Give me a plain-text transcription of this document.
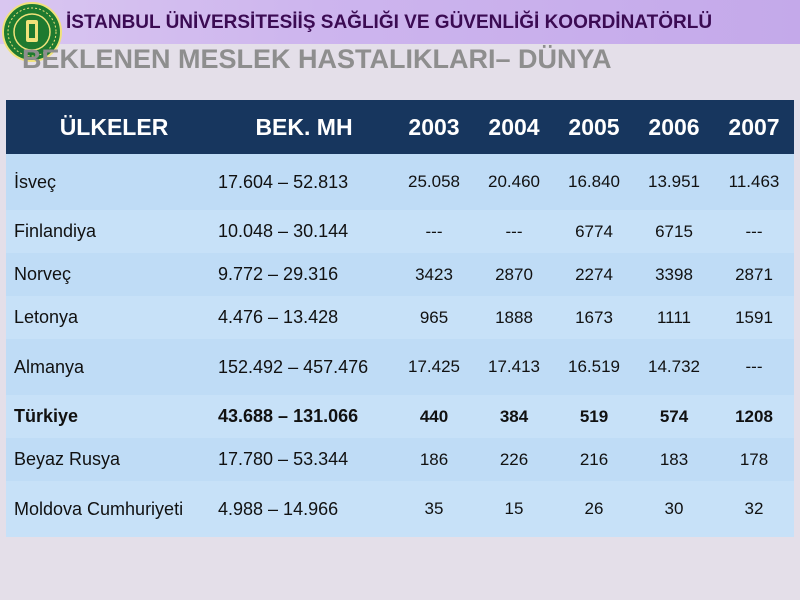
İSTANBUL ÜNİVERSİTESİİŞ SAĞLIĞI VE GÜVENLİĞİ KOORDİNATÖRLÜ
BEKLENEN MESLEK HASTALIKLARI– DÜNYA
ÜLKELER	BEK. MH	2003	2004	2005	2006	2007
İsveç	17.604 – 52.813	25.058	20.460	16.840	13.951	11.463
Finlandiya	10.048 – 30.144	---	---	6774	6715	---
Norveç	9.772 – 29.316	3423	2870	2274	3398	2871
Letonya	4.476 – 13.428	965	1888	1673	1111	1591
Almanya	152.492 – 457.476	17.425	17.413	16.519	14.732	---
Türkiye	43.688 – 131.066	440	384	519	574	1208
Beyaz Rusya	17.780 – 53.344	186	226	216	183	178
Moldova Cumhuriyeti	4.988 – 14.966	35	15	26	30	32
